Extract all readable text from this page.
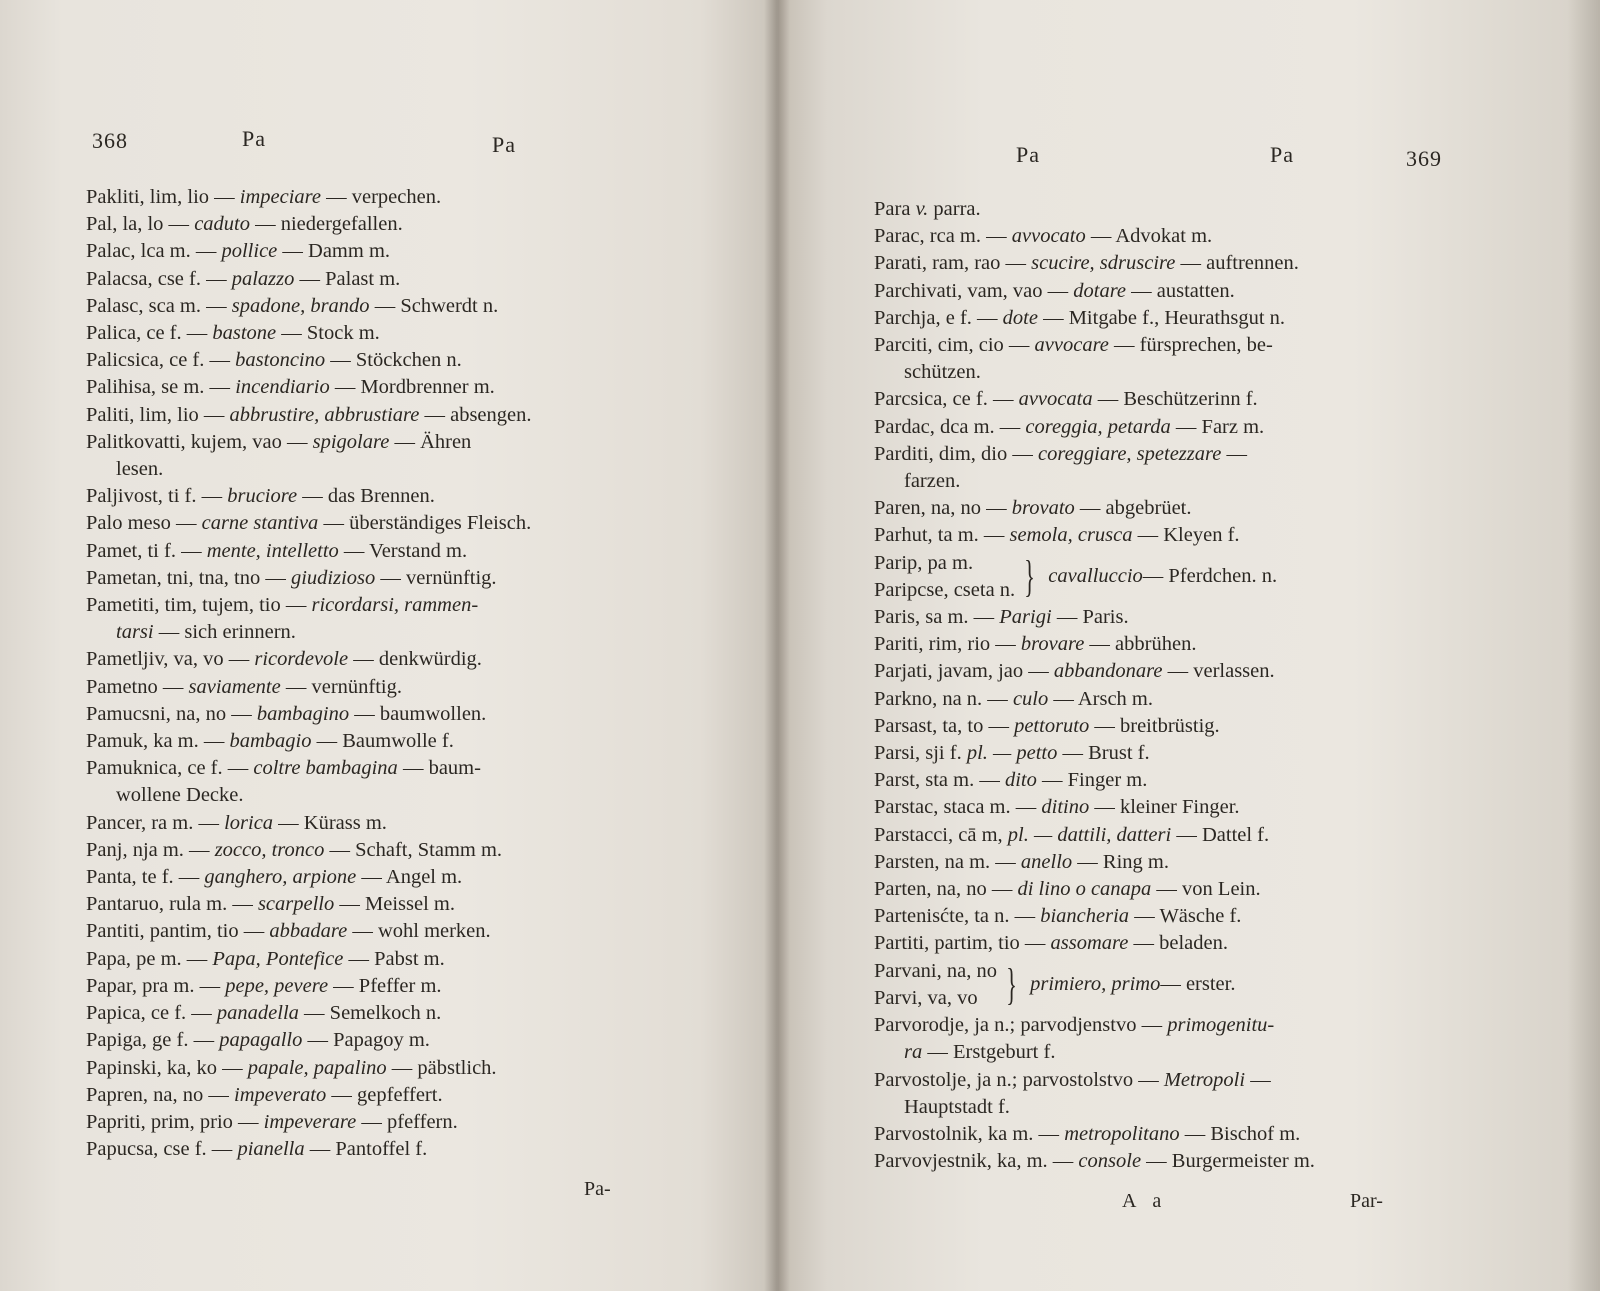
368	Pa	Pa
Pakliti, lim, lio — impeciare — verpechen.
Pal, la, lo — caduto — niedergefallen.
Palac, lca m. — pollice — Damm m.
Palacsa, cse f. — palazzo — Palast m.
Palasc, sca m. — spadone, brando — Schwerdt n.
Palica, ce f. — bastone — Stock m.
Palicsica, ce f. — bastoncino — Stöckchen n.
Palihisa, se m. — incendiario — Mordbrenner m.
Paliti, lim, lio — abbrustire, abbrustiare — absengen.
Palitkovatti, kujem, vao — spigolare — Ähren
lesen.
Paljivost, ti f. — bruciore — das Brennen.
Palo meso — carne stantiva — überständiges Fleisch.
Pamet, ti f. — mente, intelletto — Verstand m.
Pametan, tni, tna, tno — giudizioso — vernünftig.
Pametiti, tim, tujem, tio — ricordarsi, rammen-
tarsi — sich erinnern.
Pametljiv, va, vo — ricordevole — denkwürdig.
Pametno — saviamente — vernünftig.
Pamucsni, na, no — bambagino — baumwollen.
Pamuk, ka m. — bambagio — Baumwolle f.
Pamuknica, ce f. — coltre bambagina — baum-
wollene Decke.
Pancer, ra m. — lorica — Kürass m.
Panj, nja m. — zocco, tronco — Schaft, Stamm m.
Panta, te f. — ganghero, arpione — Angel m.
Pantaruo, rula m. — scarpello — Meissel m.
Pantiti, pantim, tio — abbadare — wohl merken.
Papa, pe m. — Papa, Pontefice — Pabst m.
Papar, pra m. — pepe, pevere — Pfeffer m.
Papica, ce f. — panadella — Semelkoch n.
Papiga, ge f. — papagallo — Papagoy m.
Papinski, ka, ko — papale, papalino — päbstlich.
Papren, na, no — impeverato — gepfeffert.
Papriti, prim, prio — impeverare — pfeffern.
Papucsa, cse f. — pianella — Pantoffel f.
Pa-
Pa	Pa	369
Para v. parra.
Parac, rca m. — avvocato — Advokat m.
Parati, ram, rao — scucire, sdruscire — auftrennen.
Parchivati, vam, vao — dotare — austatten.
Parchja, e f. — dote — Mitgabe f., Heurathsgut n.
Parciti, cim, cio — avvocare — fürsprechen, be-
schützen.
Parcsica, ce f. — avvocata — Beschützerinn f.
Pardac, dca m. — coreggia, petarda — Farz m.
Parditi, dim, dio — coreggiare, spetezzare —
farzen.
Paren, na, no — brovato — abgebrüet.
Parhut, ta m. — semola, crusca — Kleyen f.
Parip, pa m.
Paripcse, cseta n. } cavalluccio — Pferdchen. n.
Paris, sa m. — Parigi — Paris.
Pariti, rim, rio — brovare — abbrühen.
Parjati, javam, jao — abbandonare — verlassen.
Parkno, na n. — culo — Arsch m.
Parsast, ta, to — pettoruto — breitbrüstig.
Parsi, sji f. pl. — petto — Brust f.
Parst, sta m. — dito — Finger m.
Parstac, staca m. — ditino — kleiner Finger.
Parstacci, cā m, pl. — dattili, datteri — Dattel f.
Parsten, na m. — anello — Ring m.
Parten, na, no — di lino o canapa — von Lein.
Partenisćte, ta n. — biancheria — Wäsche f.
Partiti, partim, tio — assomare — beladen.
Parvani, na, no
Parvi, va, vo } primiero, primo — erster.
Parvorodje, ja n.; parvodjenstvo — primogenitu-
ra — Erstgeburt f.
Parvostolje, ja n.; parvostolstvo — Metropoli —
Hauptstadt f.
Parvostolnik, ka m. — metropolitano — Bischof m.
Parvovjestnik, ka, m. — console — Burgermeister m.
A a	Par-
